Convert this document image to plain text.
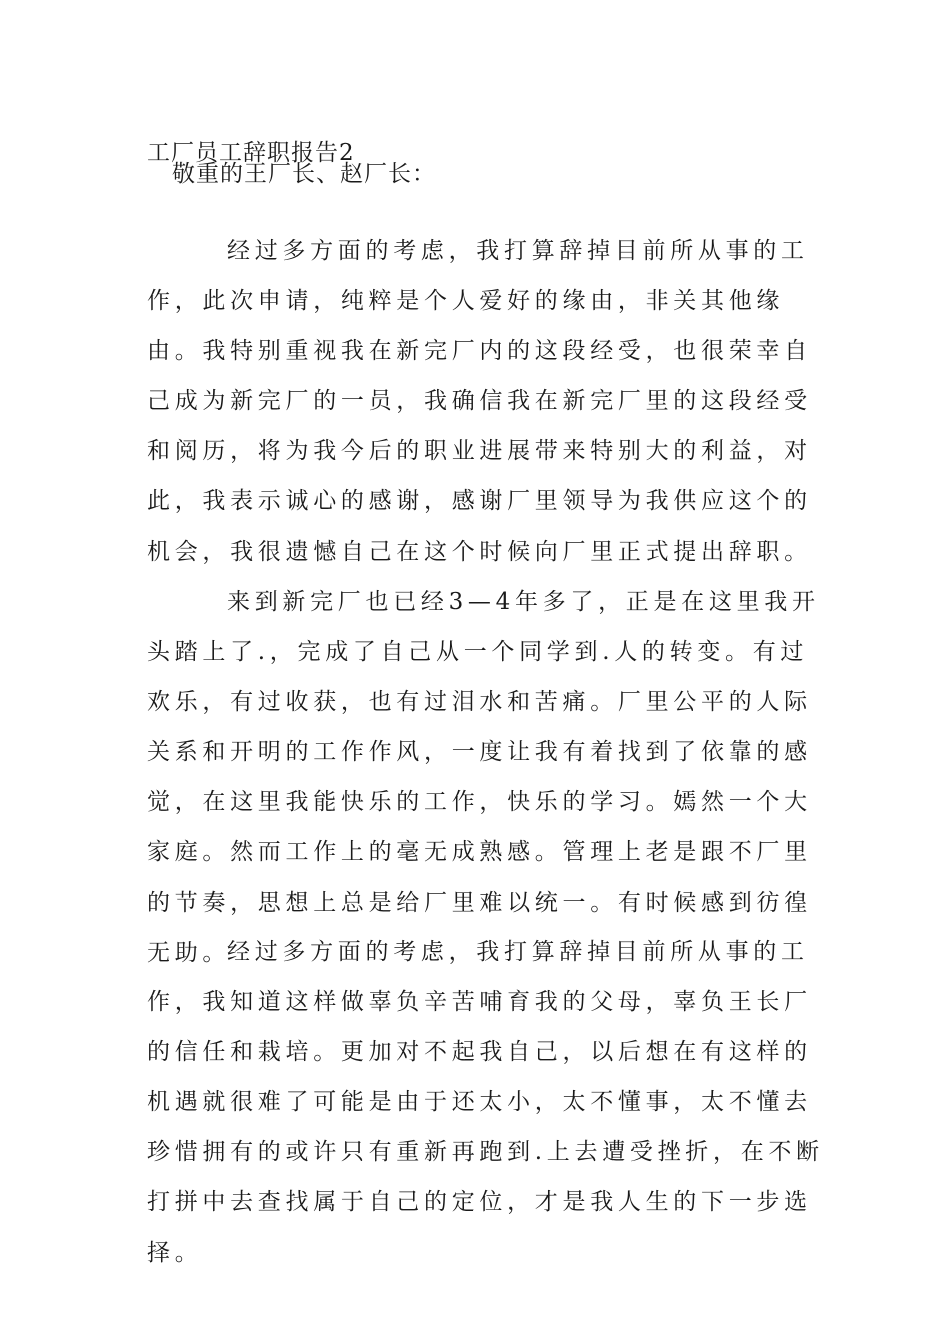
工厂员工辞职报告2
敬重的王厂长、赵厂长：

经过多方面的考虑，我打算辞掉目前所从事的工作，此次申请，纯粹是个人爱好的缘由，非关其他缘由。我特别重视我在新完厂内的这段经受，也很荣幸自己成为新完厂的一员，我确信我在新完厂里的这段经受和阅历，将为我今后的职业进展带来特别大的利益，对此，我表示诚心的感谢，感谢厂里领导为我供应这个的机会，我很遗憾自己在这个时候向厂里正式提出辞职。

来到新完厂也已经3—4年多了，正是在这里我开头踏上了.，完成了自己从一个同学到.人的转变。有过欢乐，有过收获，也有过泪水和苦痛。厂里公平的人际关系和开明的工作作风，一度让我有着找到了依靠的感觉，在这里我能快乐的工作，快乐的学习。嫣然一个大家庭。然而工作上的毫无成熟感。管理上老是跟不厂里的节奏，思想上总是给厂里难以统一。有时候感到彷徨无助。

经过多方面的考虑，我打算辞掉目前所从事的工作，我知道这样做辜负辛苦哺育我的父母，辜负王长厂的信任和栽培。更加对不起我自己，以后想在有这样的机遇就很难了可能是由于还太小，太不懂事，太不懂去珍惜拥有的或许只有重新再跑到.上去遭受挫折，在不断打拼中去查找属于自己的定位，才是我人生的下一步选择。
